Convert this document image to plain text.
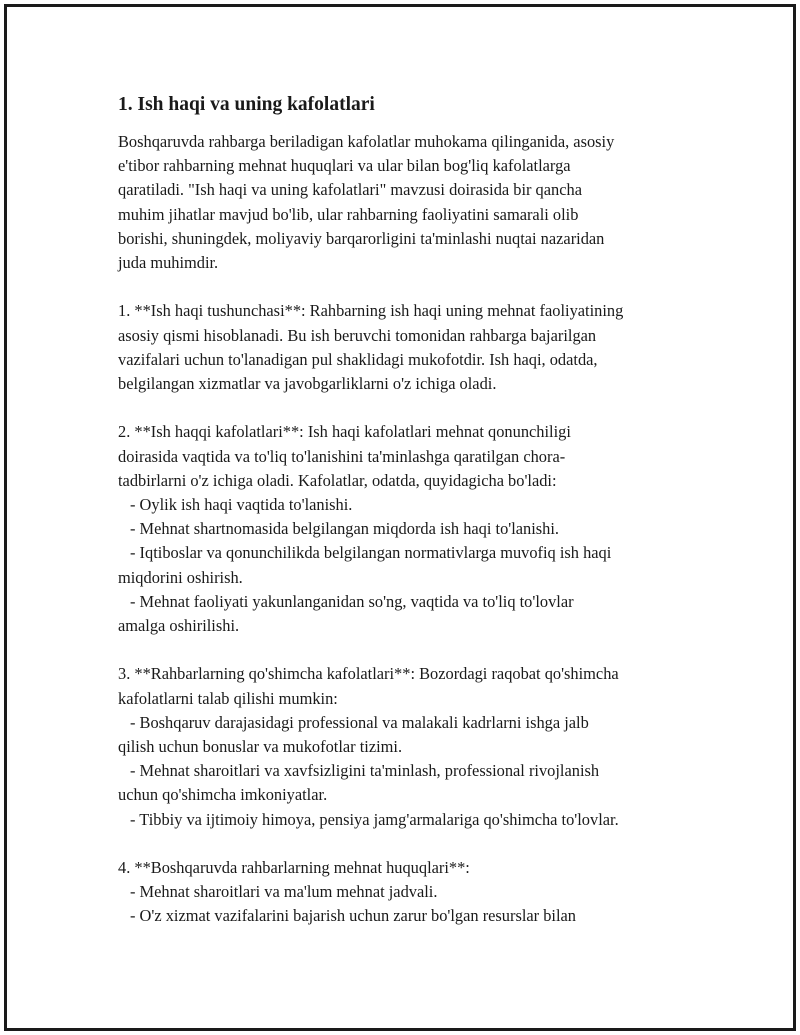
1. Ish haqi va uning kafolatlari
Boshqaruvda rahbarga beriladigan kafolatlar muhokama qilinganida, asosiy
e'tibor rahbarning mehnat huquqlari va ular bilan bog'liq kafolatlarga
qaratiladi. "Ish haqi va uning kafolatlari" mavzusi doirasida bir qancha
muhim jihatlar mavjud bo'lib, ular rahbarning faoliyatini samarali olib
borishi, shuningdek, moliyaviy barqarorligini ta'minlashi nuqtai nazaridan
juda muhimdir.
1. **Ish haqi tushunchasi**: Rahbarning ish haqi uning mehnat faoliyatining
asosiy qismi hisoblanadi. Bu ish beruvchi tomonidan rahbarga bajarilgan
vazifalari uchun to'lanadigan pul shaklidagi mukofotdir. Ish haqi, odatda,
belgilangan xizmatlar va javobgarliklarni o'z ichiga oladi.
2. **Ish haqqi kafolatlari**: Ish haqi kafolatlari mehnat qonunchiligi
doirasida vaqtida va to'liq to'lanishini ta'minlashga qaratilgan chora-
tadbirlarni o'z ichiga oladi. Kafolatlar, odatda, quyidagicha bo'ladi:
- Oylik ish haqi vaqtida to'lanishi.
- Mehnat shartnomasida belgilangan miqdorda ish haqi to'lanishi.
- Iqtiboslar va qonunchilikda belgilangan normativlarga muvofiq ish haqi
miqdorini oshirish.
- Mehnat faoliyati yakunlanganidan so'ng, vaqtida va to'liq to'lovlar
amalga oshirilishi.
3. **Rahbarlarning qo'shimcha kafolatlari**: Bozordagi raqobat qo'shimcha
kafolatlarni talab qilishi mumkin:
- Boshqaruv darajasidagi professional va malakali kadrlarni ishga jalb
qilish uchun bonuslar va mukofotlar tizimi.
- Mehnat sharoitlari va xavfsizligini ta'minlash, professional rivojlanish
uchun qo'shimcha imkoniyatlar.
- Tibbiy va ijtimoiy himoya, pensiya jamg'armalariga qo'shimcha to'lovlar.
4. **Boshqaruvda rahbarlarning mehnat huquqlari**:
- Mehnat sharoitlari va ma'lum mehnat jadvali.
- O'z xizmat vazifalarini bajarish uchun zarur bo'lgan resurslar bilan
